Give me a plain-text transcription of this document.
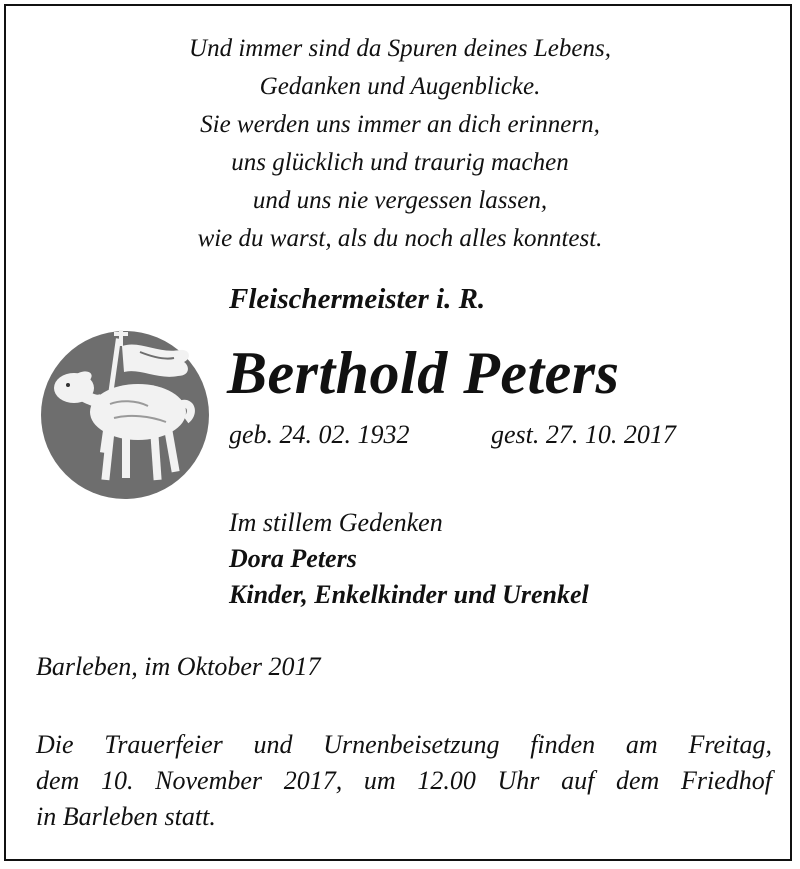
Und immer sind da Spuren deines Lebens,
Gedanken und Augenblicke.
Sie werden uns immer an dich erinnern,
uns glücklich und traurig machen
und uns nie vergessen lassen,
wie du warst, als du noch alles konntest.
Fleischermeister i. R.
Berthold Peters
geb. 24. 02. 1932	gest. 27. 10. 2017
Im stillem Gedenken
Dora Peters
Kinder, Enkelkinder und Urenkel
Barleben, im Oktober 2017
Die Trauerfeier und Urnenbeisetzung finden am Freitag,
dem 10. November 2017, um 12.00 Uhr auf dem Friedhof
in Barleben statt.
